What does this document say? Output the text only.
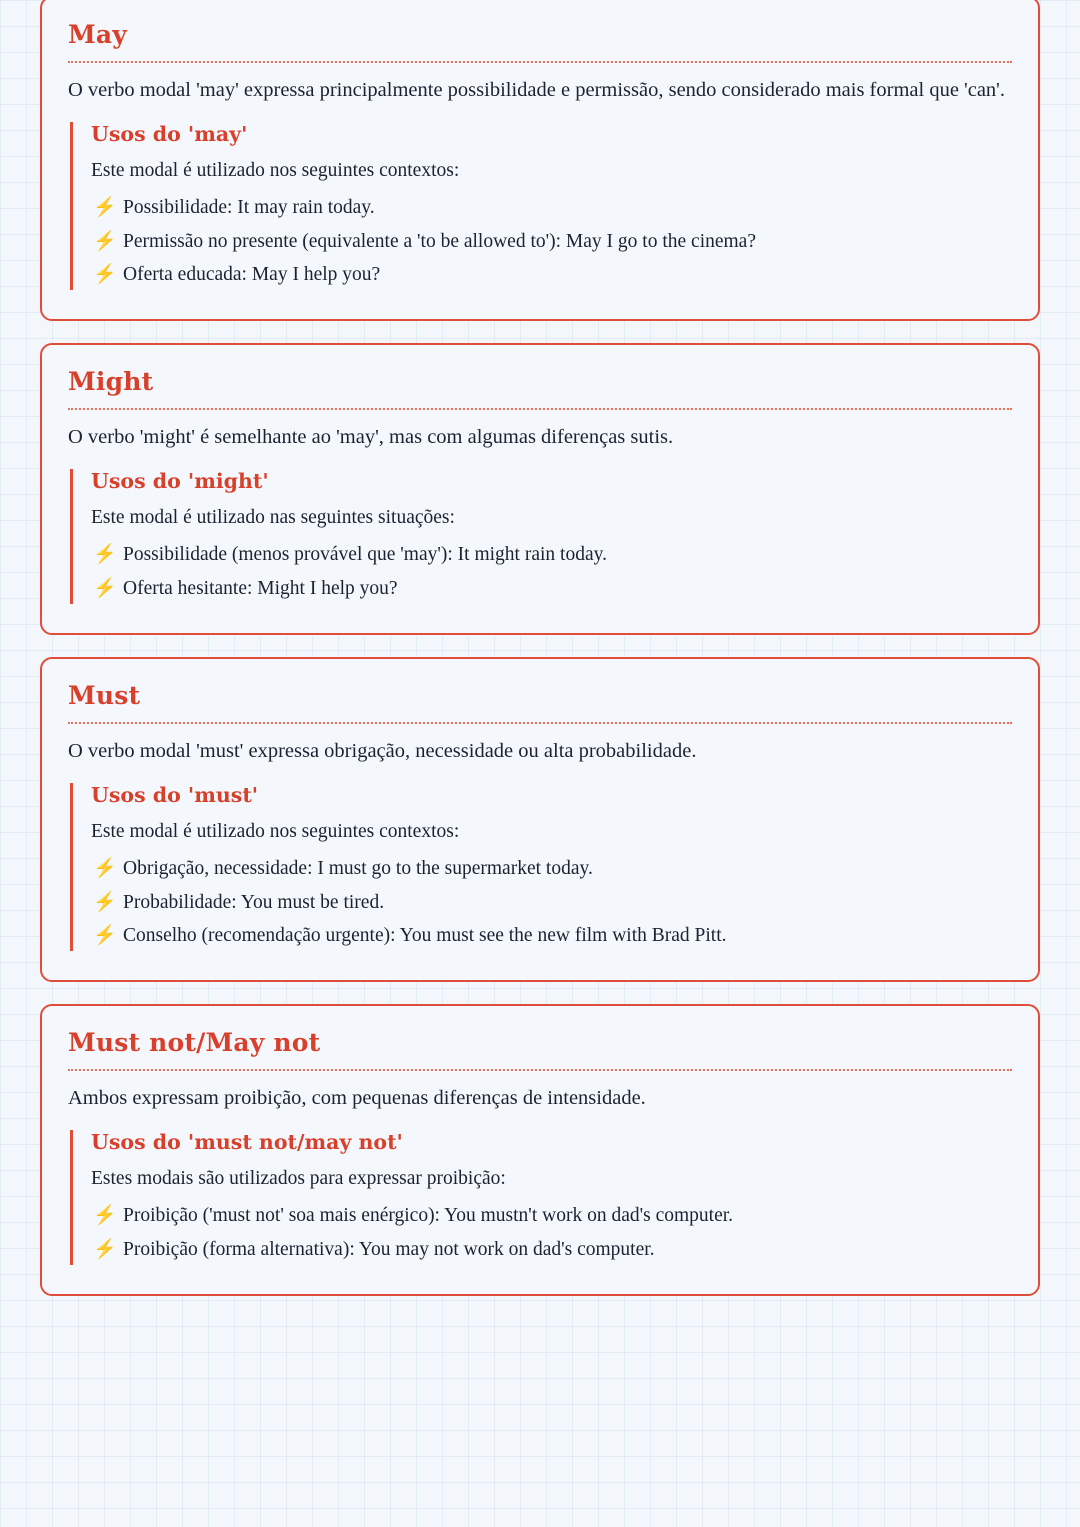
May

O verbo modal 'may' expressa principalmente possibilidade e permissão, sendo considerado mais formal que 'can'.

Usos do 'may'

Este modal é utilizado nos seguintes contextos:

⚡ Possibilidade: It may rain today.
⚡ Permissão no presente (equivalente a 'to be allowed to'): May I go to the cinema?
⚡ Oferta educada: May I help you?
Might

O verbo 'might' é semelhante ao 'may', mas com algumas diferenças sutis.

Usos do 'might'

Este modal é utilizado nas seguintes situações:

⚡ Possibilidade (menos provável que 'may'): It might rain today.
⚡ Oferta hesitante: Might I help you?
Must

O verbo modal 'must' expressa obrigação, necessidade ou alta probabilidade.

Usos do 'must'

Este modal é utilizado nos seguintes contextos:

⚡ Obrigação, necessidade: I must go to the supermarket today.
⚡ Probabilidade: You must be tired.
⚡ Conselho (recomendação urgente): You must see the new film with Brad Pitt.
Must not/May not

Ambos expressam proibição, com pequenas diferenças de intensidade.

Usos do 'must not/may not'

Estes modais são utilizados para expressar proibição:

⚡ Proibição ('must not' soa mais enérgico): You mustn't work on dad's computer.
⚡ Proibição (forma alternativa): You may not work on dad's computer.
